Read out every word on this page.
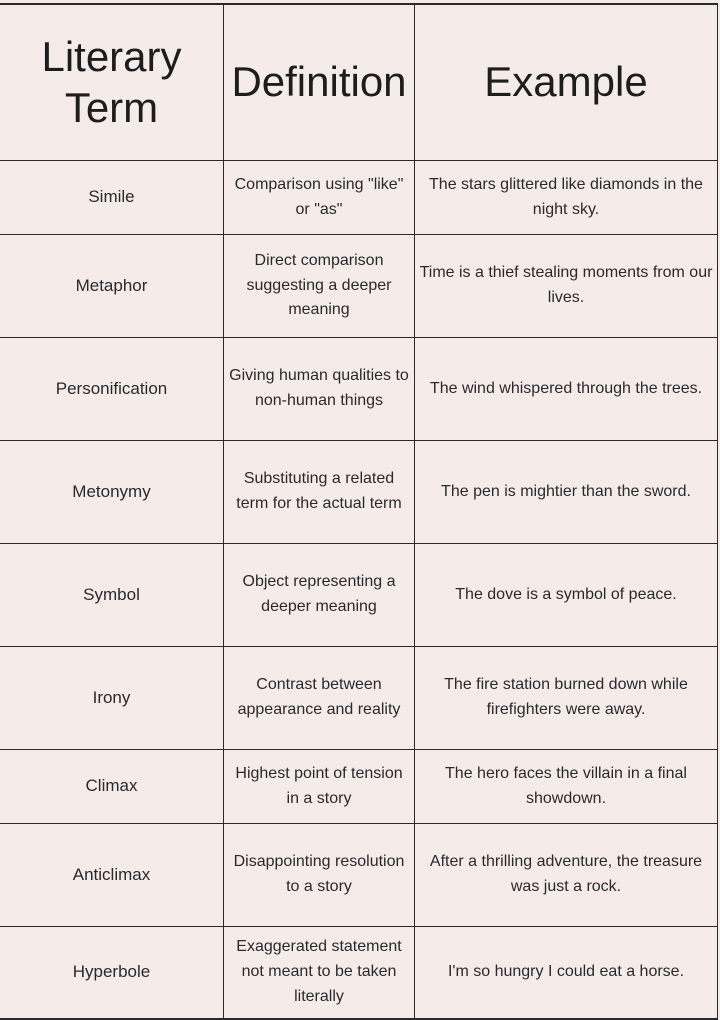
Literary Term
Definition	Example
Simile
Comparison using "like" or "as"
The stars glittered like diamonds in the night sky.
Metaphor
Direct comparison suggesting a deeper meaning
Time is a thief stealing moments from our lives.
Personification
Giving human qualities to non-human things
The wind whispered through the trees.
Metonymy
Substituting a related term for the actual term
The pen is mightier than the sword.
Symbol
Object representing a deeper meaning
The dove is a symbol of peace.
Irony
Contrast between appearance and reality
The fire station burned down while firefighters were away.
Climax
Highest point of tension in a story
The hero faces the villain in a final showdown.
Anticlimax
Disappointing resolution to a story
After a thrilling adventure, the treasure was just a rock.
Hyperbole
Exaggerated statement not meant to be taken literally
I'm so hungry I could eat a horse.
